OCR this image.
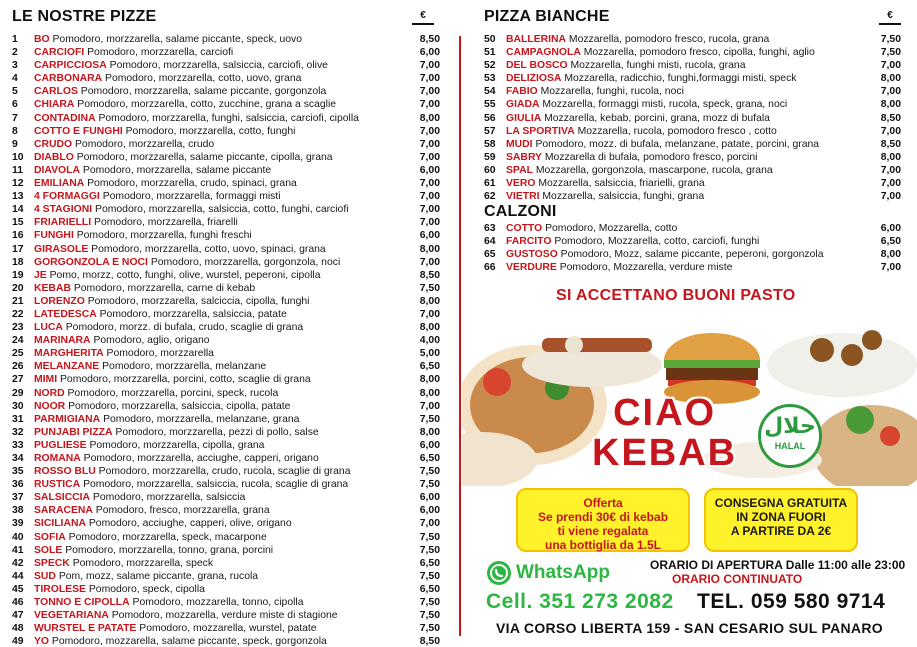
LE NOSTRE PIZZE	€
1	BO Pomodoro, morzzarella, salame piccante, speck, uovo	8,50
2	CARCIOFI Pomodoro, morzzarella, carciofi	6,00
3	CARPICCIOSA Pomodoro, morzzarella, salsiccia, carciofi, olive	7,00
4	CARBONARA Pomodoro, morzzarella, cotto, uovo, grana	7,00
5	CARLOS Pomodoro, morzzarella, salame piccante, gorgonzola	7,00
6	CHIARA Pomodoro, morzzarella, cotto, zucchine, grana a scaglie	7,00
7	CONTADINA Pomodoro, morzzarella, funghi, salsiccia, carciofi, cipolla	8,00
8	COTTO E FUNGHI Pomodoro, morzzarella, cotto, funghi	7,00
9	CRUDO Pomodoro, morzzarella, crudo	7,00
10	DIABLO Pomodoro, morzzarella, salame piccante, cipolla, grana	7,00
11	DIAVOLA Pomodoro, morzzarella, salame piccante	6,00
12	EMILIANA Pomodoro, morzzarella, crudo, spinaci, grana	7,00
13	4 FORMAGGI Pomodoro, morzzarella, formaggi misti	7,00
14	4 STAGIONI Pomodoro, morzzarella, salsiccia, cotto, funghi, carciofi	7,00
15	FRIARIELLI Pomodoro, morzzarella, friarelli	7,00
16	FUNGHI Pomodoro, morzzarella, funghi freschi	6,00
17	GIRASOLE Pomodoro, morzzarella, cotto, uovo, spinaci, grana	8,00
18	GORGONZOLA E NOCI Pomodoro, morzzarella, gorgonzola, noci	7,00
19	JE Pomo, morzz, cotto, funghi, olive, wurstel, peperoni, cipolla	8,50
20	KEBAB Pomodoro, morzzarella, carne di kebab	7,50
21	LORENZO Pomodoro, morzzarella, salciccia, cipolla, funghi	8,00
22	LATEDESCA Pomodoro, morzzarella, salsiccia, patate	7,00
23	LUCA Pomodoro, morzz. di bufala, crudo, scaglie di grana	8,00
24	MARINARA Pomodoro, aglio, origano	4,00
25	MARGHERITA Pomodoro, morzzarella	5,00
26	MELANZANE Pomodoro, morzzarella, melanzane	6,50
27	MIMI Pomodoro, morzzarella, porcini, cotto, scaglie di grana	8,00
29	NORD Pomodoro, morzzarella, porcini, speck, rucola	8,00
30	NOOR Pomodoro, morzzarella, salsiccia, cipolla, patate	7,00
31	PARMIGIANA Pomodoro, morzzarella, melanzane, grana	7,50
32	PUNJABI PIZZA Pomodoro, morzzarella, pezzi di pollo, salse	8,00
33	PUGLIESE Pomodoro, morzzarella, cipolla, grana	6,00
34	ROMANA Pomodoro, morzzarella, acciughe, capperi, origano	6,50
35	ROSSO BLU Pomodoro, morzzarella, crudo, rucola, scaglie di grana	7,50
36	RUSTICA Pomodoro, morzzarella, salsiccia, rucola, scaglie di grana	7,50
37	SALSICCIA Pomodoro, morzzarella, salsiccia	6,00
38	SARACENA Pomodoro, fresco, morzzarella, grana	6,00
39	SICILIANA Pomodoro, acciughe, capperi, olive, origano	7,00
40	SOFIA Pomodoro, morzzarella, speck, macarpone	7,50
41	SOLE Pomodoro, morzzarella, tonno, grana, porcini	7,50
42	SPECK Pomodoro, morzzarella, speck	6,50
44	SUD Pom, mozz, salame piccante, grana, rucola	7,50
45	TIROLESE Pomodoro, speck, cipolla	6,50
46	TONNO E CIPOLLA Pomodoro, mozzarella, tonno, cipolla	7,50
47	VEGETARIANA Pomodoro, mozzarella, verdure miste di stagione	7,50
48	WURSTEL E PATATE Pomodoro, mozzarella, wurstel, patate	7,50
49	YO Pomodoro, mozzarella, salame piccante, speck, gorgonzola	8,50
PIZZA BIANCHE	€
50	BALLERINA Mozzarella, pomodoro fresco, rucola, grana	7,50
51	CAMPAGNOLA Mozzarella, pomodoro fresco, cipolla, funghi, aglio	7,50
52	DEL BOSCO Mozzarella, funghi misti, rucola, grana	7,00
53	DELIZIOSA Mozzarella, radicchio, funghi,formaggi misti, speck	8,00
54	FABIO Mozzarella, funghi, rucola, noci	7,00
55	GIADA Mozzarella, formaggi misti, rucola, speck, grana, noci	8,00
56	GIULIA Mozzarella, kebab, porcini, grana, mozz di bufala	8,50
57	LA SPORTIVA Mozzarella, rucola, pomodoro fresco , cotto	7,00
58	MUDI Pomodoro, mozz. di bufala, melanzane, patate, porcini, grana	8,50
59	SABRY Mozzarella di bufala, pomodoro fresco, porcini	8,00
60	SPAL Mozzarella, gorgonzola, mascarpone, rucola, grana	7,00
61	VERO Mozzarella, salsiccia, friarielli, grana	7,00
62	VIETRI Mozzarella, salsiccia, funghi, grana	7,00
CALZONI
63	COTTO Pomodoro, Mozzarella, cotto	6,00
64	FARCITO Pomodoro, Mozzarella, cotto, carciofi, funghi	6,50
65	GUSTOSO Pomodoro, Mozz, salame piccante, peperoni, gorgonzola	8,00
66	VERDURE Pomodoro, Mozzarella, verdure miste	7,00
SI ACCETTANO BUONI PASTO
CIAO
KEBAB
حلال
HALAL
Offerta
Se prendi 30€ di kebab
ti viene regalata
una bottiglia da 1.5L
CONSEGNA GRATUITA
IN ZONA FUORI
A PARTIRE DA 2€
WhatsApp	ORARIO DI APERTURA Dalle 11:00 alle 23:00
ORARIO CONTINUATO
Cell. 351 273 2082 TEL. 059 580 9714
VIA CORSO LIBERTA 159 - SAN CESARIO SUL PANARO
